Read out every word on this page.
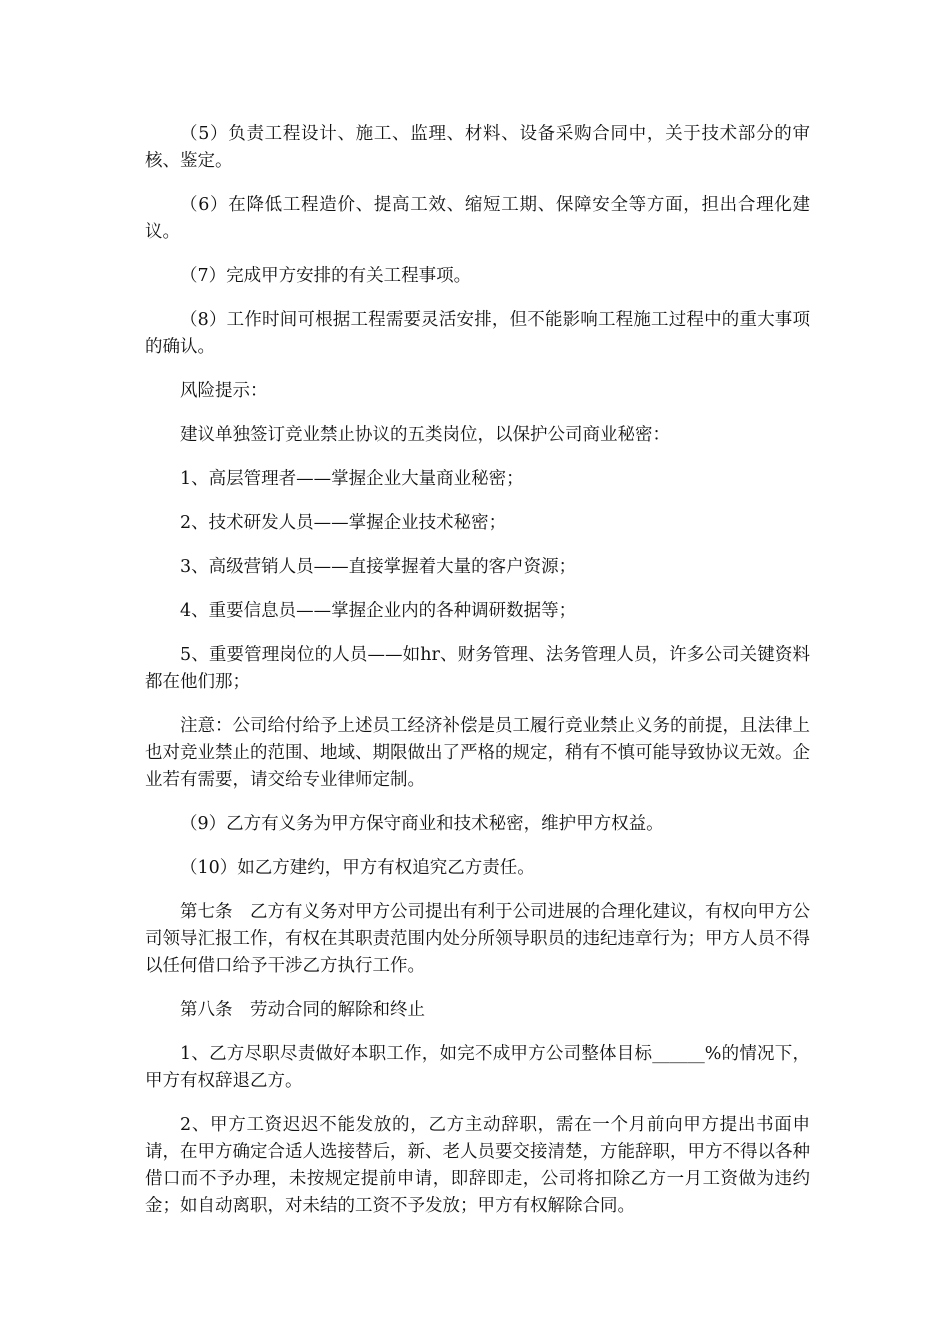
（5）负责工程设计、施工、监理、材料、设备采购合同中，关于技术部分的审核、鉴定。

（6）在降低工程造价、提高工效、缩短工期、保障安全等方面，担出合理化建议。

（7）完成甲方安排的有关工程事项。

（8）工作时间可根据工程需要灵活安排，但不能影响工程施工过程中的重大事项的确认。

风险提示：

建议单独签订竞业禁止协议的五类岗位，以保护公司商业秘密：

1、高层管理者——掌握企业大量商业秘密；

2、技术研发人员——掌握企业技术秘密；

3、高级营销人员——直接掌握着大量的客户资源；

4、重要信息员——掌握企业内的各种调研数据等；

5、重要管理岗位的人员——如hr、财务管理、法务管理人员，许多公司关键资料都在他们那；

注意：公司给付给予上述员工经济补偿是员工履行竞业禁止义务的前提，且法律上也对竞业禁止的范围、地域、期限做出了严格的规定，稍有不慎可能导致协议无效。企业若有需要，请交给专业律师定制。

（9）乙方有义务为甲方保守商业和技术秘密，维护甲方权益。

（10）如乙方建约，甲方有权追究乙方责任。

第七条　乙方有义务对甲方公司提出有利于公司进展的合理化建议，有权向甲方公司领导汇报工作，有权在其职责范围内处分所领导职员的违纪违章行为；甲方人员不得以任何借口给予干涉乙方执行工作。

第八条　劳动合同的解除和终止

1、乙方尽职尽责做好本职工作，如完不成甲方公司整体目标______%的情况下，甲方有权辞退乙方。

2、甲方工资迟迟不能发放的，乙方主动辞职，需在一个月前向甲方提出书面申请，在甲方确定合适人选接替后，新、老人员要交接清楚，方能辞职，甲方不得以各种借口而不予办理，未按规定提前申请，即辞即走，公司将扣除乙方一月工资做为违约金；如自动离职，对未结的工资不予发放；甲方有权解除合同。
